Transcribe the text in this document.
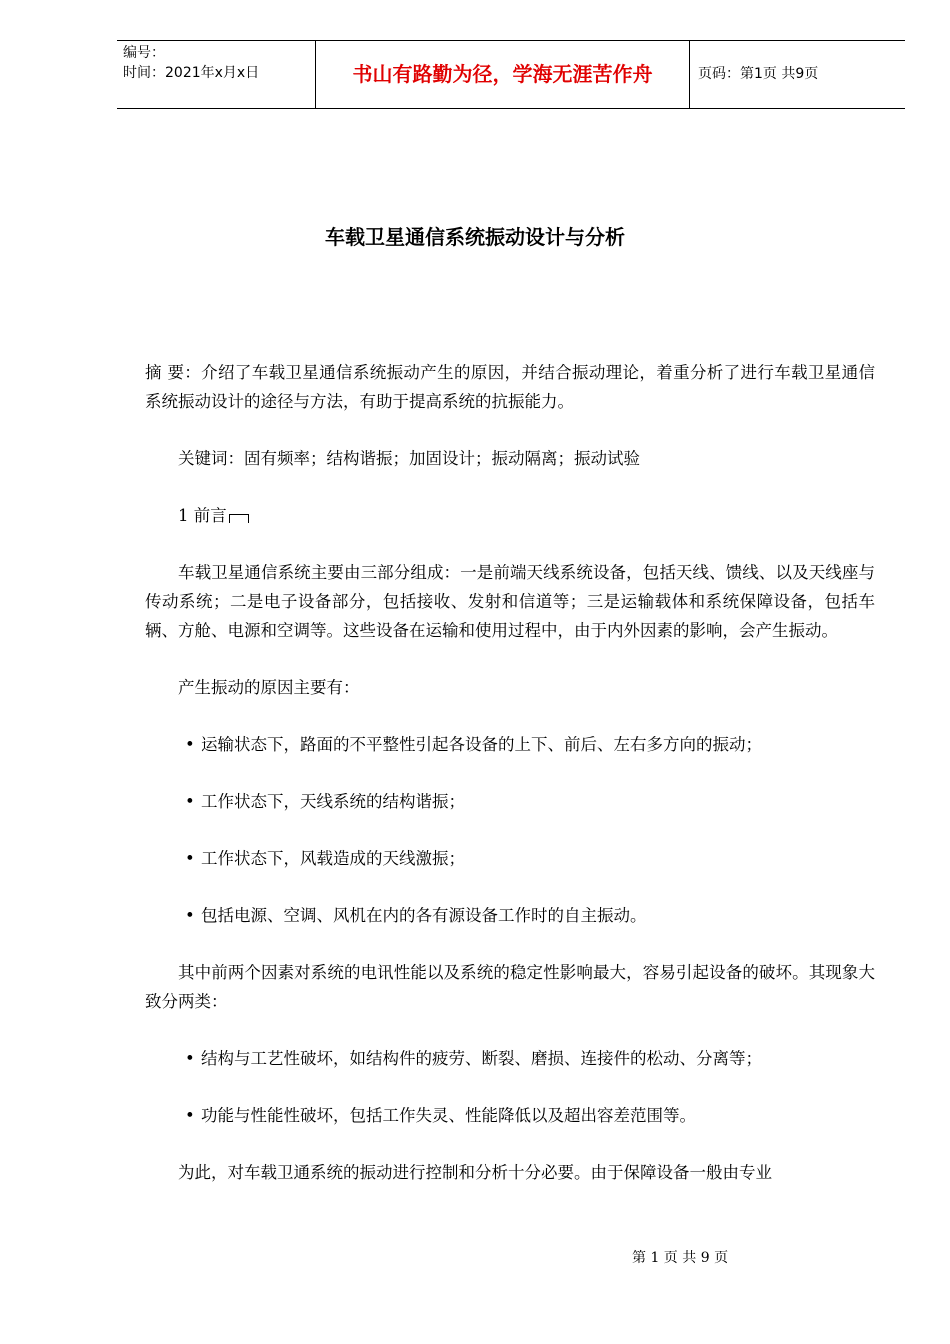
编号：
时间：2021年x月x日	书山有路勤为径，学海无涯苦作舟	页码：第1页 共9页
车载卫星通信系统振动设计与分析

摘 要：介绍了车载卫星通信系统振动产生的原因，并结合振动理论，着重分析了进行车载卫星通信系统振动设计的途径与方法，有助于提高系统的抗振能力。

关键词：固有频率；结构谐振；加固设计；振动隔离；振动试验

1 前言

车载卫星通信系统主要由三部分组成：一是前端天线系统设备，包括天线、馈线、以及天线座与传动系统；二是电子设备部分，包括接收、发射和信道等；三是运输载体和系统保障设备，包括车辆、方舱、电源和空调等。这些设备在运输和使用过程中，由于内外因素的影响，会产生振动。

产生振动的原因主要有：

• 运输状态下，路面的不平整性引起各设备的上下、前后、左右多方向的振动；

• 工作状态下，天线系统的结构谐振；

• 工作状态下，风载造成的天线激振；

• 包括电源、空调、风机在内的各有源设备工作时的自主振动。

其中前两个因素对系统的电讯性能以及系统的稳定性影响最大，容易引起设备的破坏。其现象大致分两类：

• 结构与工艺性破坏，如结构件的疲劳、断裂、磨损、连接件的松动、分离等；

• 功能与性能性破坏，包括工作失灵、性能降低以及超出容差范围等。

为此，对车载卫通系统的振动进行控制和分析十分必要。由于保障设备一般由专业

第 1 页 共 9 页
